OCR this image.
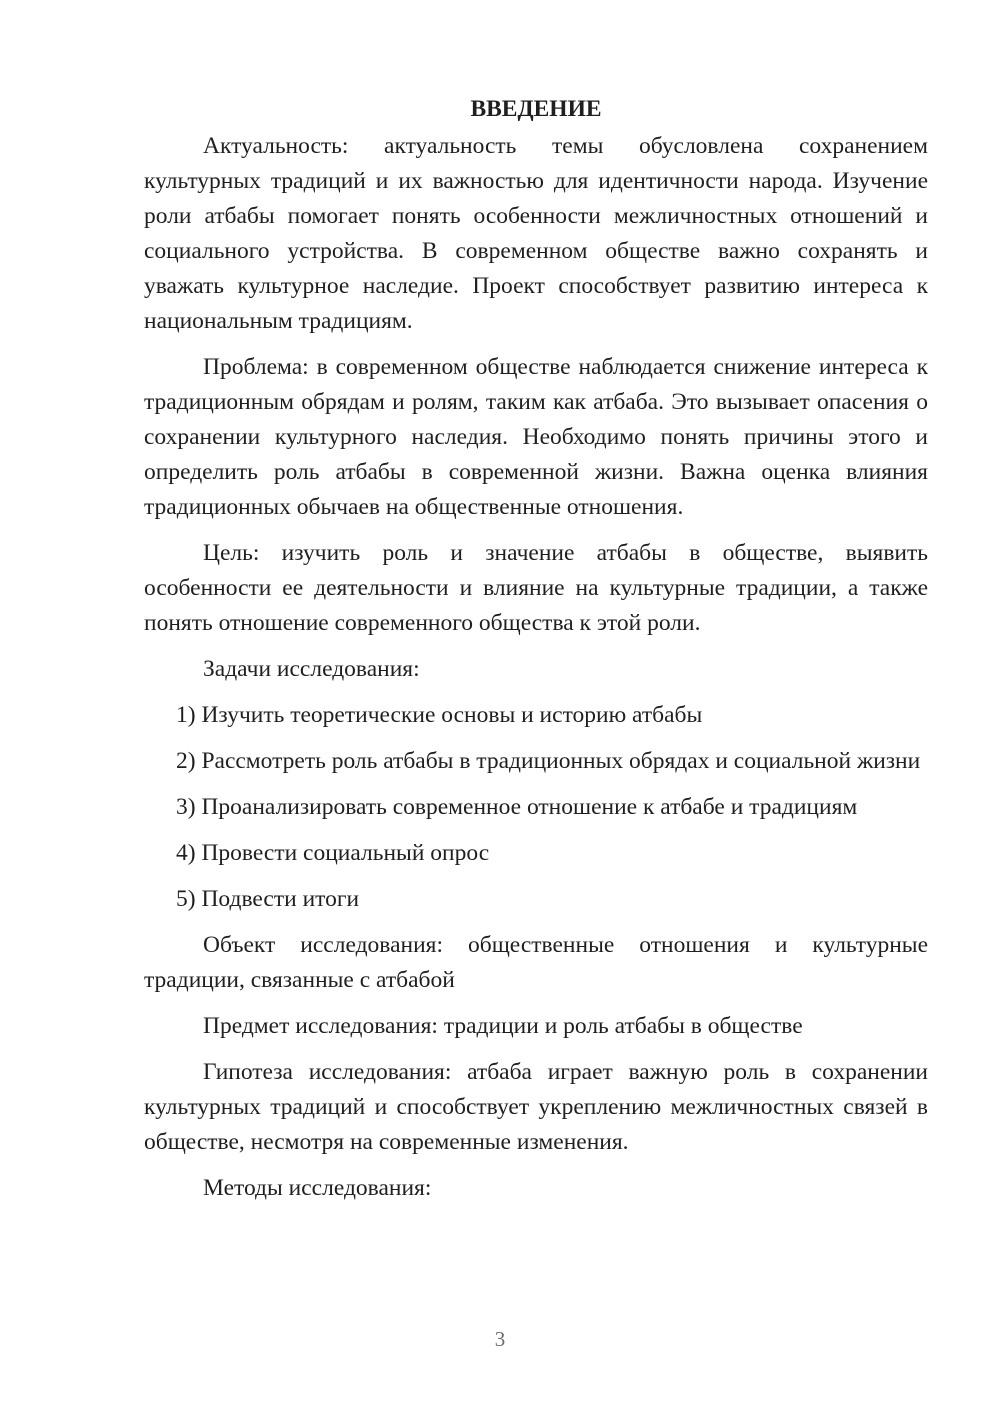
ВВЕДЕНИЕ

Актуальность: актуальность темы обусловлена сохранением культурных традиций и их важностью для идентичности народа. Изучение роли атбабы помогает понять особенности межличностных отношений и социального устройства. В современном обществе важно сохранять и уважать культурное наследие. Проект способствует развитию интереса к национальным традициям.

Проблема: в современном обществе наблюдается снижение интереса к традиционным обрядам и ролям, таким как атбаба. Это вызывает опасения о сохранении культурного наследия. Необходимо понять причины этого и определить роль атбабы в современной жизни. Важна оценка влияния традиционных обычаев на общественные отношения.

Цель: изучить роль и значение атбабы в обществе, выявить особенности ее деятельности и влияние на культурные традиции, а также понять отношение современного общества к этой роли.

Задачи исследования:

1) Изучить теоретические основы и историю атбабы

2) Рассмотреть роль атбабы в традиционных обрядах и социальной жизни

3) Проанализировать современное отношение к атбабе и традициям

4) Провести социальный опрос

5) Подвести итоги

Объект исследования: общественные отношения и культурные традиции, связанные с атбабой

Предмет исследования: традиции и роль атбабы в обществе

Гипотеза исследования: атбаба играет важную роль в сохранении культурных традиций и способствует укреплению межличностных связей в обществе, несмотря на современные изменения.

Методы исследования:

3
